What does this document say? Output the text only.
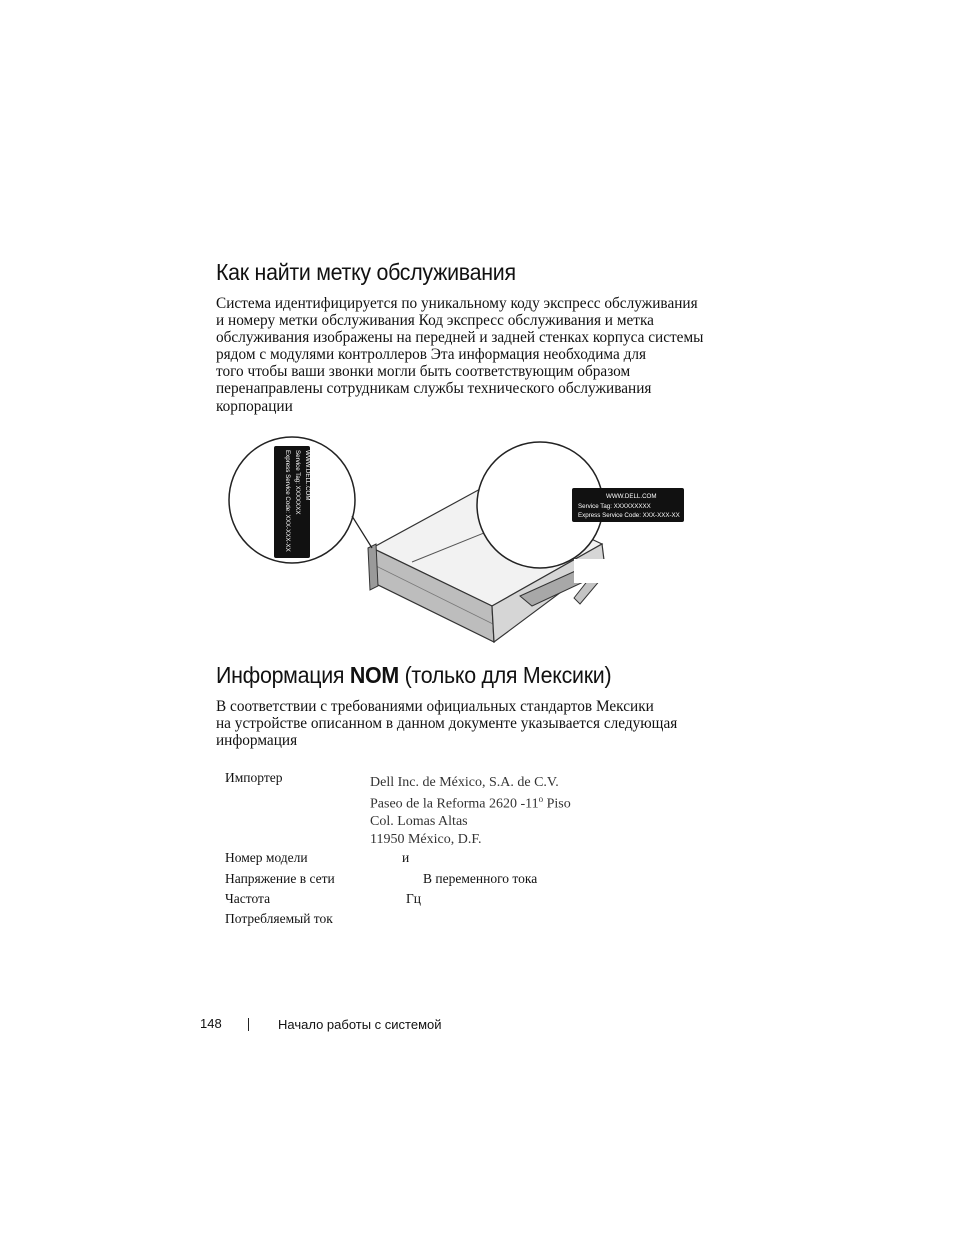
Как найти метку обслуживания
Система идентифицируется по уникальному коду экспресс обслуживания
и номеру метки обслуживания Код экспресс обслуживания и метка
обслуживания изображены на передней и задней стенках корпуса системы
рядом с модулями контроллеров Эта информация необходима для
того чтобы ваши звонки могли быть соответствующим образом
перенаправлены сотрудникам службы технического обслуживания
корпорации
WWW.DELL.COM
Service Tag: XXXXXXX
Express Service Code: XXX-XXX-XX	WWW.DELL.COM
Service Tag: XXXXXXXXX
Express Service Code: XXX-XXX-XX
Информация NOM (только для Мексики)
В соответствии с требованиями официальных стандартов Мексики
на устройстве описанном в данном документе указывается следующая
информация
Импортер	Dell Inc. de México, S.A. de C.V.
Paseo de la Reforma 2620 -11$^o$ Piso
Col. Lomas Altas
11950 México, D.F.
Номер модели	и
Напряжение в сети	В переменного тока
Частота	Гц
Потребляемый ток
148	Начало работы с системой
